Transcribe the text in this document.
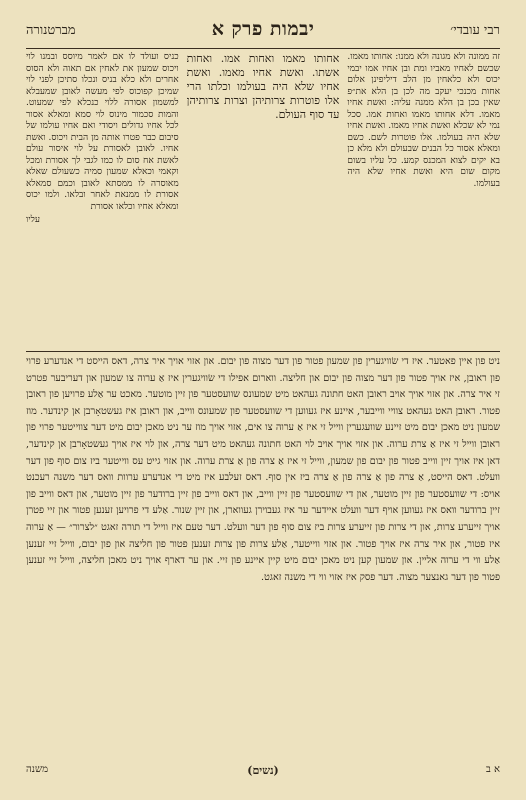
רבי עובדי׳
יבמות פרק א
מברטנורה

זה ממונה ולא מגונה ולא ממנו: אחותו מאמו. שכשם לאחיו מאביו ומת ובן אחיו אמו יבמי יכוס ולא כלאחין מן הלב דיליפינן אלום אחות מכנכי יעקב מה לכן בן הלא את״פ שאין בכן בן הלא ממנה עליה: ואשת אחיו מאמו. דלא אחותו מאמו ואחות אמו. סכל נמי לא שכלא ואשת אחיו מאמו. ואשת אחיו שלא היה בעולמו. אלו פוטרות לשם. כשם ומאלא אסור כל הבנים שבעולם ולא מלא כן בא יקים לצוא המכנס קמע. כל עליו בשום מקום שום היא ואשת אחיו שלא היה בעולמו.

אחותו מאמו ואחות אמו. ואחות אשתו. ואשת אחיו מאמו. ואשת אחיו שלא היה בעולמו וכלתו הרי אלו פוטרות צרותיהן וצרות צרותיהן עד סוף העולם.

כניס ועולד לו אם לאמר מיוסס ובמנו לוי ויכוס שמעון את לאחין אם תאוה ולא הסוס אחרים ולא כלא בניס ונכלו סתיכן לפני לוי שמיכן קפוכוס לפי מעשה לאובן שמעבלא למשמון אסורה ללוי כנכלא לפי שמעוט. והמות סכמור מינוס לוי סמא ומאלא אסור לכל אחיו גדולים ויסודי ואם אחיו עולמו של סיבום כבר פטרו אותה מן הבית ויכוס. ואשת אחיו. לאובן לאסורת על לוי איסור עולם לאשת אח סום לו כמו לגבי לך אסורת ומכל וקאמי וכאלא שמעון סמיה כשעולם שאלא מאוסרה לו ממסתא לאובן וכמם סמאלא אסורת לו ממנאת לאחר ובלאו. ולמו יכוס ומאלא אחיו וכלאו אסורת

עליו
ניט פון איין פאטער. איז די שׂוויגערין פון שמעון פטור פון דער מצוה פון יבום. און אזוי אויך איר צרה, דאס הייסט די אנדערע פרוי פון ראובן, איז אויך פטור פון דער מצוה פון יבום און חליצה. ווארום אפילו די שׂוויגערין איז אַ ערוה צו שמעון און דעריבער פטרט זי איר צרה. און אזוי אויך אויב ראובן האט חתונה געהאט מיט שמעונס שוועסטער פון זיין מוטער. מאכט ער אַלע פרויען פון ראובן פטור. ראובן האט געהאט צוויי ווייבער, איינע איז געווען די שוועסטער פון שמעונס ווייב, און ראובן איז געשטאָרבן אן קינדער. מוז שמעון ניט מאכן יבום מיט זיינע שוועגערין ווייל זי איז אַ ערוה צו אים, אזוי אויך מוז ער ניט מאכן יבום מיט דער צווייטער פרוי פון ראובן ווייל זי איז אַ צרת ערוה. און אזוי אויך אויב לוי האט חתונה געהאט מיט דער צרה, און לוי איז אויך געשטאָרבן אן קינדער, דאן איז אויך זיין ווייב פטור פון יבום פון שמעון, ווייל זי איז אַ צרה פון אַ צרת ערוה. און אזוי גייט עס ווייטער ביז צום סוף פון דער וועלט. דאס הייסט, אַ צרה פון אַ צרה פון אַ צרה ביז אין סוף. דאס זעלבע איז מיט די אנדערע ערוות וואס דער משנה רעכנט אויס: די שוועסטער פון זיין מוטער, און די שוועסטער פון זיין ווייב, און דאס ווייב פון זיין ברודער פון זיין מוטער, און דאס ווייב פון זיין ברודער וואס איז געווען אויף דער וועלט איידער ער איז געבוירן געווארן, און זיין שנור. אַלע די פרויען זענען פטור און זיי פטרן אויך זייערע צרות, און די צרות פון זייערע צרות ביז צום סוף פון דער וועלט. דער טעם איז ווייל די תורה זאגט ״לצרור״ — אַ ערוה איז פטור, און איר צרה איז אויך פטור. און אזוי ווייטער, אַלע צרות פון צרות זענען פטור פון חליצה און פון יבום, ווייל זיי זענען אַלע ווי די ערוה אליין. און שמעון קען ניט מאכן יבום מיט קיין איינע פון זיי. און ער דארף אויך ניט מאכן חליצה, ווייל זיי זענען פטור פון דער גאנצער מצוה. דער פסק איז אזוי ווי די משנה זאגט.
א ב
(נשים)
משנה
